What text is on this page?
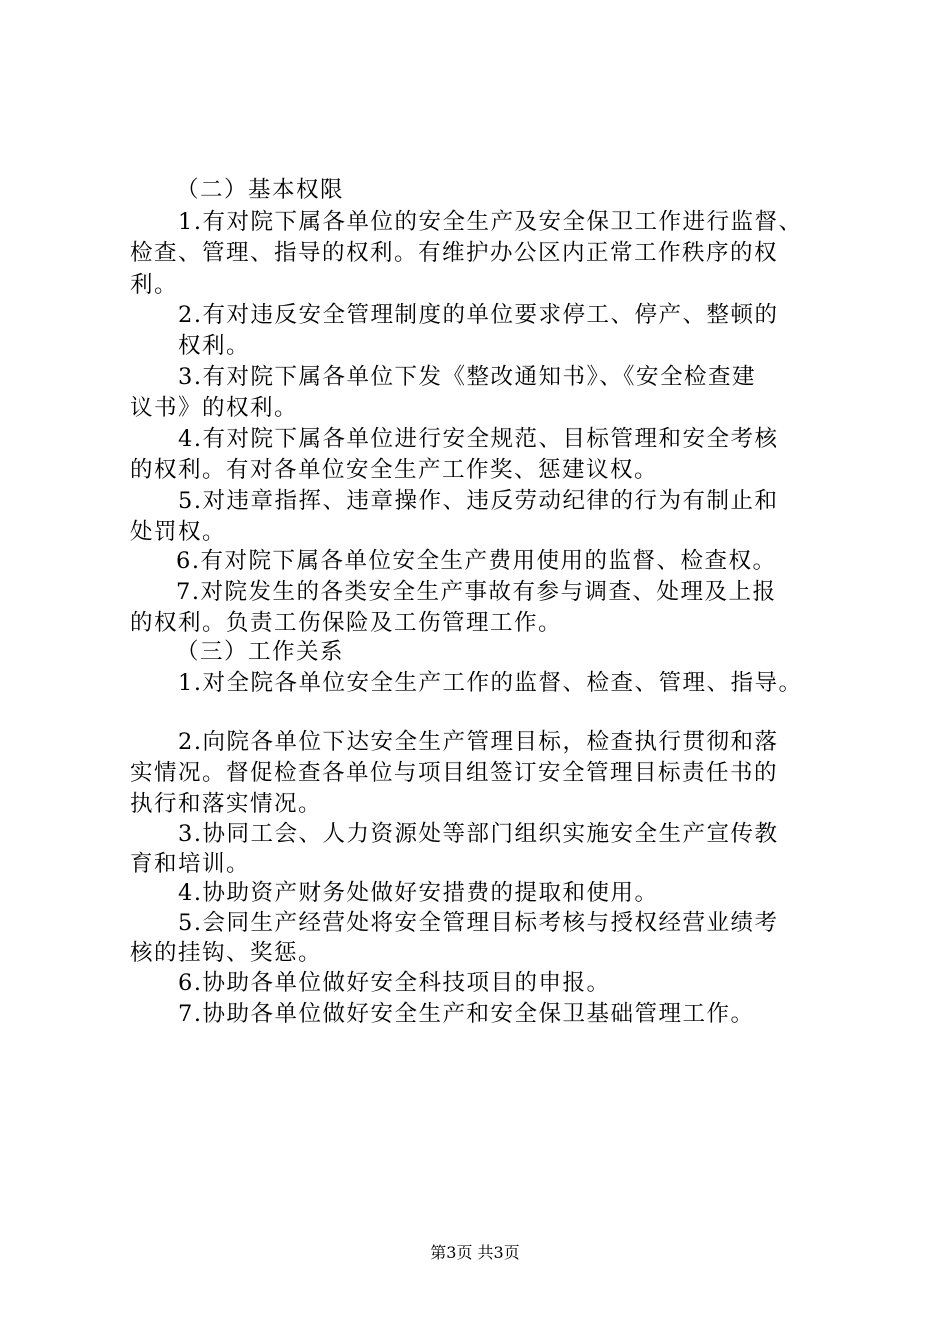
（二）基本权限
1.有对院下属各单位的安全生产及安全保卫工作进行监督、
检查、管理、指导的权利。有维护办公区内正常工作秩序的权
利。
2.有对违反安全管理制度的单位要求停工、停产、整顿的
权利。
3.有对院下属各单位下发《整改通知书》、《安全检查建
议书》的权利。
4.有对院下属各单位进行安全规范、目标管理和安全考核
的权利。有对各单位安全生产工作奖、惩建议权。
5.对违章指挥、违章操作、违反劳动纪律的行为有制止和
处罚权。
6.有对院下属各单位安全生产费用使用的监督、检查权。
7.对院发生的各类安全生产事故有参与调查、处理及上报
的权利。负责工伤保险及工伤管理工作。
（三）工作关系
1.对全院各单位安全生产工作的监督、检查、管理、指导。
2.向院各单位下达安全生产管理目标，检查执行贯彻和落
实情况。督促检查各单位与项目组签订安全管理目标责任书的
执行和落实情况。
3.协同工会、人力资源处等部门组织实施安全生产宣传教
育和培训。
4.协助资产财务处做好安措费的提取和使用。
5.会同生产经营处将安全管理目标考核与授权经营业绩考
核的挂钩、奖惩。
6.协助各单位做好安全科技项目的申报。
7.协助各单位做好安全生产和安全保卫基础管理工作。
第3页 共3页
